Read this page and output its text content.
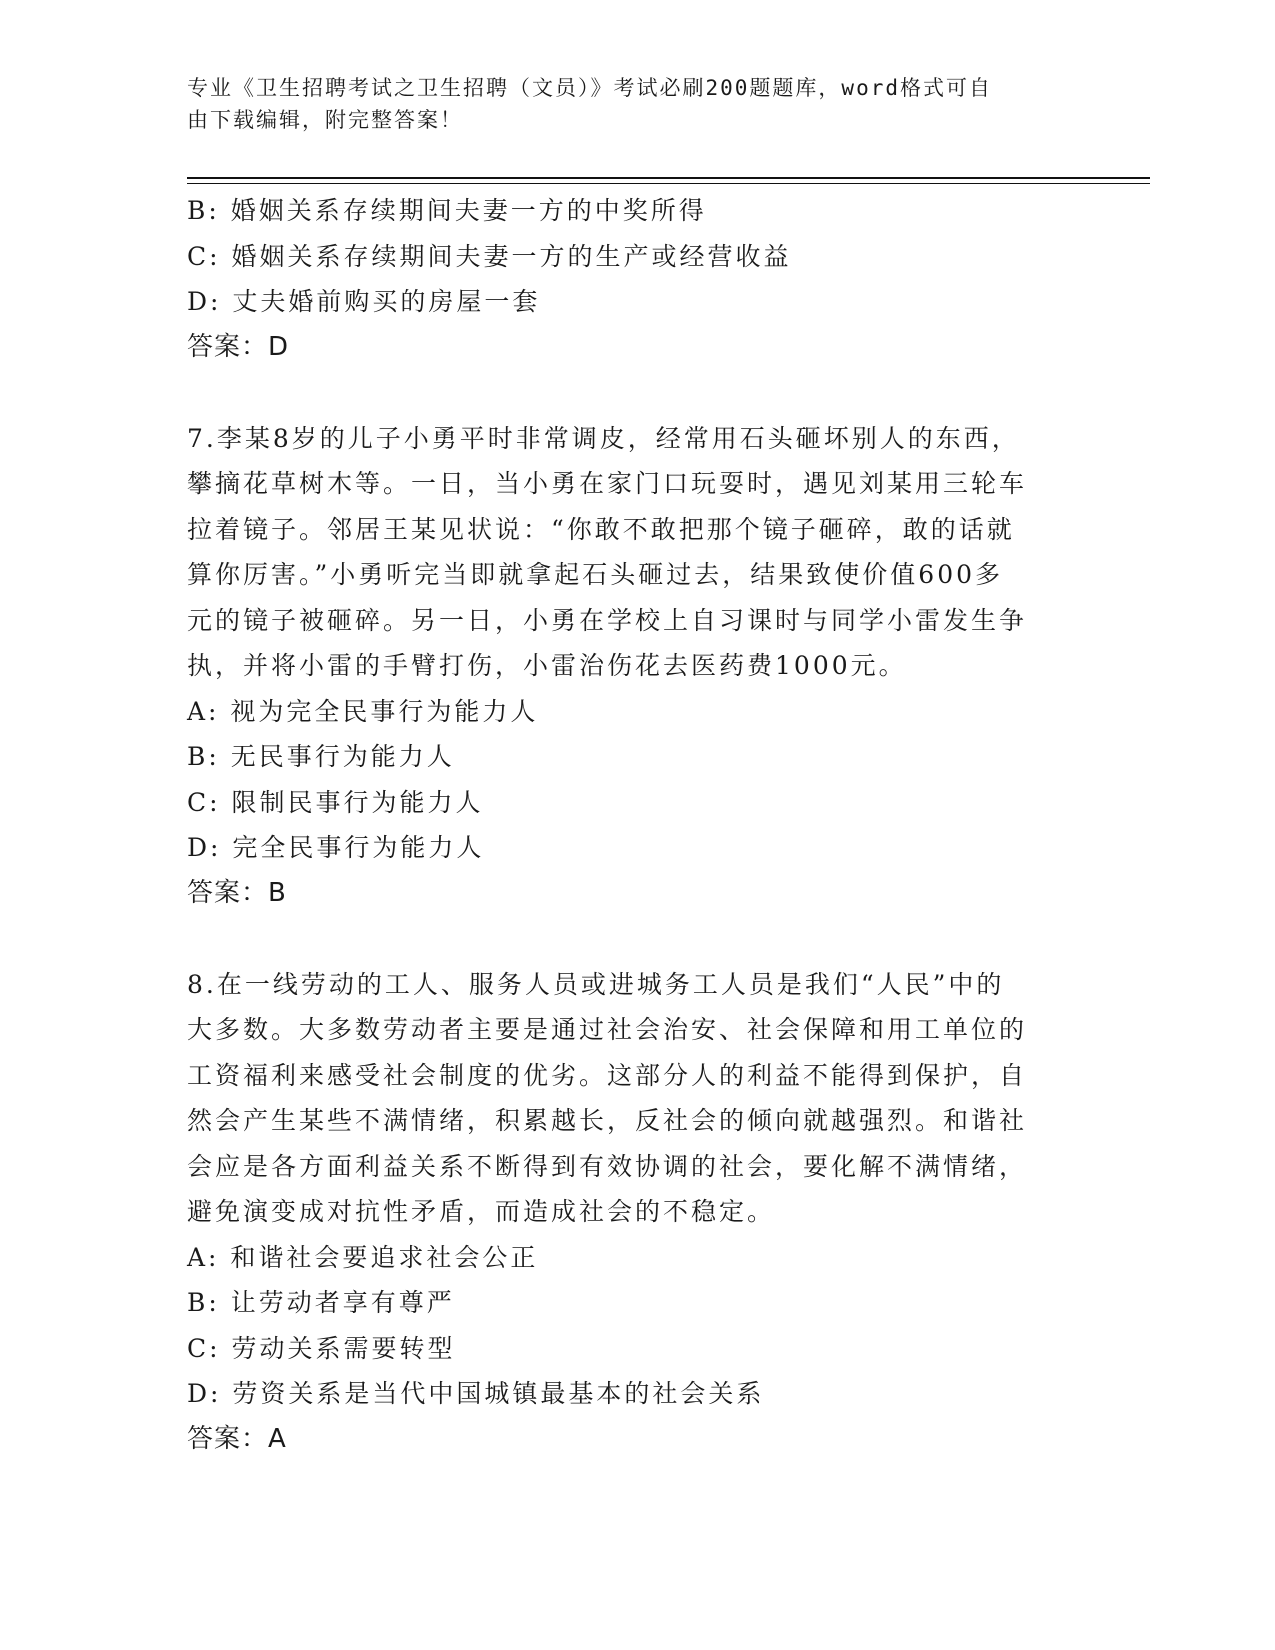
专业《卫生招聘考试之卫生招聘（文员）》考试必刷200题题库，word格式可自

由下载编辑，附完整答案！

B: 婚姻关系存续期间夫妻一方的中奖所得

C: 婚姻关系存续期间夫妻一方的生产或经营收益

D: 丈夫婚前购买的房屋一套

答案：D

7.李某8岁的儿子小勇平时非常调皮，经常用石头砸坏别人的东西，

攀摘花草树木等。一日，当小勇在家门口玩耍时，遇见刘某用三轮车

拉着镜子。邻居王某见状说：“你敢不敢把那个镜子砸碎，敢的话就

算你厉害。”小勇听完当即就拿起石头砸过去，结果致使价值600多

元的镜子被砸碎。另一日，小勇在学校上自习课时与同学小雷发生争

执，并将小雷的手臂打伤，小雷治伤花去医药费1000元。

A: 视为完全民事行为能力人

B: 无民事行为能力人

C: 限制民事行为能力人

D: 完全民事行为能力人

答案：B

8.在一线劳动的工人、服务人员或进城务工人员是我们“人民”中的

大多数。大多数劳动者主要是通过社会治安、社会保障和用工单位的

工资福利来感受社会制度的优劣。这部分人的利益不能得到保护，自

然会产生某些不满情绪，积累越长，反社会的倾向就越强烈。和谐社

会应是各方面利益关系不断得到有效协调的社会，要化解不满情绪，

避免演变成对抗性矛盾，而造成社会的不稳定。

A: 和谐社会要追求社会公正

B: 让劳动者享有尊严

C: 劳动关系需要转型

D: 劳资关系是当代中国城镇最基本的社会关系

答案：A
